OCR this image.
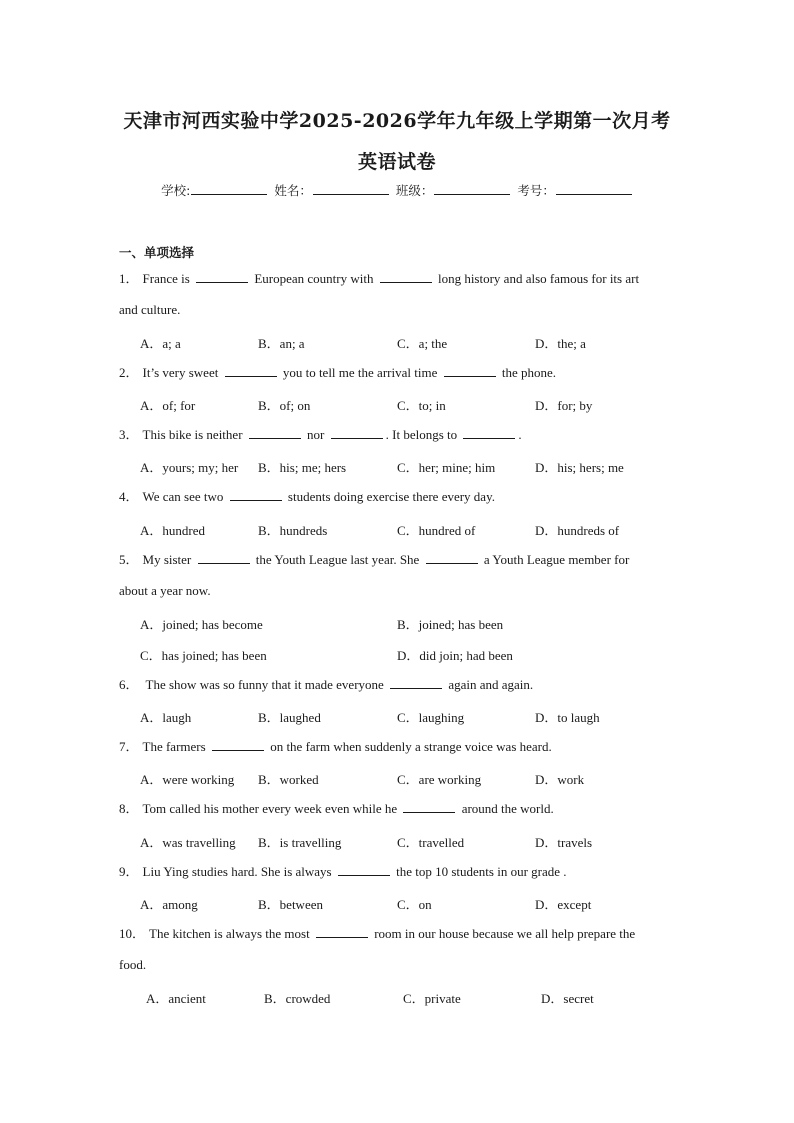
天津市河西实验中学2025-2026学年九年级上学期第一次月考
英语试卷
学校:	姓名：	班级：	考号：
一、单项选择
1． France is	European country with	long history and also famous for its art
and culture.
A．a; a	B．an; a	C．a; the	D．the; a
2． It’s very sweet	you to tell me the arrival time	the phone.
A．of; for	B．of; on	C．to; in	D．for; by
3． This bike is neither	nor	. It belongs to	.
A．yours; my; her B．his; me; hers	C．her; mine; him	D．his; hers; me
4． We can see two	students doing exercise there every day.
A．hundred	B．hundreds	C．hundred of	D．hundreds of
5． My sister	the Youth League last year. She	a Youth League member for
about a year now.
A．joined; has become	B．joined; has been
C．has joined; has been	D．did join; had been
6． The show was so funny that it made everyone	again and again.
A．laugh	B．laughed	C．laughing	D．to laugh
7． The farmers	on the farm when suddenly a strange voice was heard.
A．were working B．worked	C．are working	D．work
8． Tom called his mother every week even while he	around the world.
A．was travelling B．is travelling	C．travelled	D．travels
9． Liu Ying studies hard. She is always	the top 10 students in our grade .
A．among	B．between	C．on	D．except
10． The kitchen is always the most	room in our house because we all help prepare the
food.
A．ancient	B．crowded	C．private	D．secret
